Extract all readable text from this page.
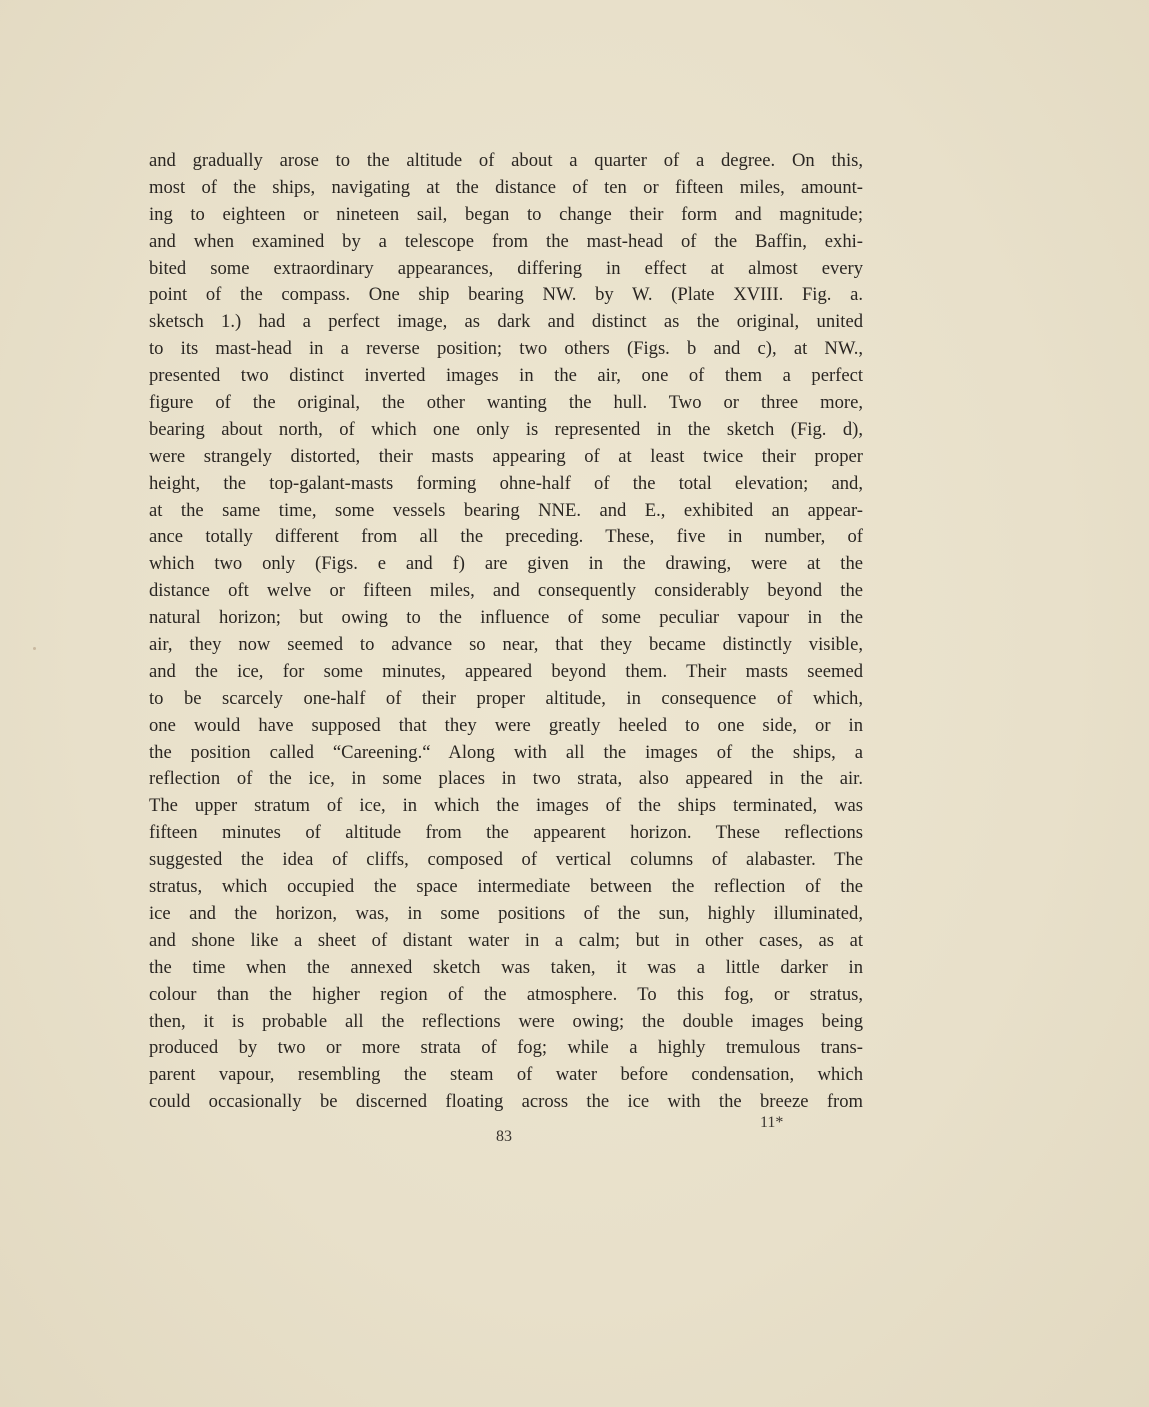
and gradually arose to the altitude of about a quarter of a degree. On this,
most of the ships, navigating at the distance of ten or fifteen miles, amount-
ing to eighteen or nineteen sail, began to change their form and magnitude;
and when examined by a telescope from the mast-head of the Baffin, exhi-
bited some extraordinary appearances, differing in effect at almost every
point of the compass. One ship bearing NW. by W. (Plate XVIII. Fig. a.
sketsch 1.) had a perfect image, as dark and distinct as the original, united
to its mast-head in a reverse position; two others (Figs. b and c), at NW.,
presented two distinct inverted images in the air, one of them a perfect
figure of the original, the other wanting the hull. Two or three more,
bearing about north, of which one only is represented in the sketch (Fig. d),
were strangely distorted, their masts appearing of at least twice their proper
height, the top-galant-masts forming ohne-half of the total elevation; and,
at the same time, some vessels bearing NNE. and E., exhibited an appear-
ance totally different from all the preceding. These, five in number, of
which two only (Figs. e and f) are given in the drawing, were at the
distance oft welve or fifteen miles, and consequently considerably beyond the
natural horizon; but owing to the influence of some peculiar vapour in the
air, they now seemed to advance so near, that they became distinctly visible,
and the ice, for some minutes, appeared beyond them. Their masts seemed
to be scarcely one-half of their proper altitude, in consequence of which,
one would have supposed that they were greatly heeled to one side, or in
the position called “Careening.“ Along with all the images of the ships, a
reflection of the ice, in some places in two strata, also appeared in the air.
The upper stratum of ice, in which the images of the ships terminated, was
fifteen minutes of altitude from the appearent horizon. These reflections
suggested the idea of cliffs, composed of vertical columns of alabaster. The
stratus, which occupied the space intermediate between the reflection of the
ice and the horizon, was, in some positions of the sun, highly illuminated,
and shone like a sheet of distant water in a calm; but in other cases, as at
the time when the annexed sketch was taken, it was a little darker in
colour than the higher region of the atmosphere. To this fog, or stratus,
then, it is probable all the reflections were owing; the double images being
produced by two or more strata of fog; while a highly tremulous trans-
parent vapour, resembling the steam of water before condensation, which
could occasionally be discerned floating across the ice with the breeze from
83
11*
